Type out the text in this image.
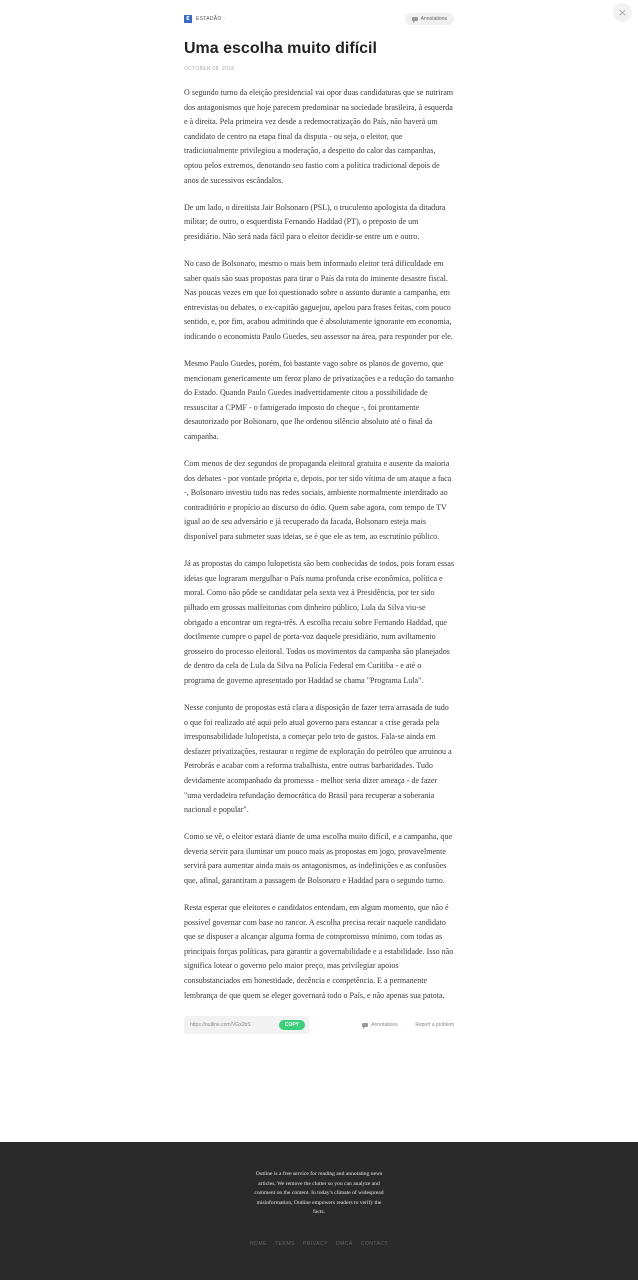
×
E	ESTADÃO ·	Annotations
Uma escolha muito difícil
OCTOBER 08, 2018

O segundo turno da eleição presidencial vai opor duas candidaturas que se nutriram dos antagonismos que hoje parecem predominar na sociedade brasileira, à esquerda e à direita. Pela primeira vez desde a redemocratização do País, não haverá um candidato de centro na etapa final da disputa - ou seja, o eleitor, que tradicionalmente privilegiou a moderação, a despeito do calor das campanhas, optou pelos extremos, denotando seu fastio com a política tradicional depois de anos de sucessivos escândalos.

De um lado, o direitista Jair Bolsonaro (PSL), o truculento apologista da ditadura militar; de outro, o esquerdista Fernando Haddad (PT), o preposto de um presidiário. Não será nada fácil para o eleitor decidir-se entre um e outro.

No caso de Bolsonaro, mesmo o mais bem informado eleitor terá dificuldade em saber quais são suas propostas para tirar o País da rota do iminente desastre fiscal. Nas poucas vezes em que foi questionado sobre o assunto durante a campanha, em entrevistas ou debates, o ex-capitão gaguejou, apelou para frases feitas, com pouco sentido, e, por fim, acabou admitindo que é absolutamente ignorante em economia, indicando o economista Paulo Guedes, seu assessor na área, para responder por ele.

Mesmo Paulo Guedes, porém, foi bastante vago sobre os planos de governo, que mencionam genericamente um feroz plano de privatizações e a redução do tamanho do Estado. Quando Paulo Guedes inadvertidamente citou a possibilidade de ressuscitar a CPMF - o famigerado imposto do cheque -, foi prontamente desautorizado por Bolsonaro, que lhe ordenou silêncio absoluto até o final da campanha.

Com menos de dez segundos de propaganda eleitoral gratuita e ausente da maioria dos debates - por vontade própria e, depois, por ter sido vítima de um ataque a faca -, Bolsonaro investiu tudo nas redes sociais, ambiente normalmente interditado ao contraditório e propício ao discurso do ódio. Quem sabe agora, com tempo de TV igual ao de seu adversário e já recuperado da facada, Bolsonaro esteja mais disponível para submeter suas ideias, se é que ele as tem, ao escrutínio público.

Já as propostas do campo lulopetista são bem conhecidas de todos, pois foram essas ideias que lograram mergulhar o País numa profunda crise econômica, política e moral. Como não pôde se candidatar pela sexta vez à Presidência, por ter sido pilhado em grossas malfeitorias com dinheiro público, Lula da Silva viu-se obrigado a encontrar um regra-três. A escolha recaiu sobre Fernando Haddad, que docilmente cumpre o papel de porta-voz daquele presidiário, num aviltamento grosseiro do processo eleitoral. Todos os movimentos da campanha são planejados de dentro da cela de Lula da Silva na Polícia Federal em Curitiba - e até o programa de governo apresentado por Haddad se chama "Programa Lula".

Nesse conjunto de propostas está clara a disposição de fazer terra arrasada de tudo o que foi realizado até aqui pelo atual governo para estancar a crise gerada pela irresponsabilidade lulopetista, a começar pelo teto de gastos. Fala-se ainda em desfazer privatizações, restaurar o regime de exploração do petróleo que arruinou a Petrobrás e acabar com a reforma trabalhista, entre outras barbaridades. Tudo devidamente acompanhado da promessa - melhor seria dizer ameaça - de fazer "uma verdadeira refundação democrática do Brasil para recuperar a soberania nacional e popular".

Como se vê, o eleitor estará diante de uma escolha muito difícil, e a campanha, que deveria servir para iluminar um pouco mais as propostas em jogo, provavelmente servirá para aumentar ainda mais os antagonismos, as indefinições e as confusões que, afinal, garantiram a passagem de Bolsonaro e Haddad para o segundo turno.

Resta esperar que eleitores e candidatos entendam, em algum momento, que não é possível governar com base no rancor. A escolha precisa recair naquele candidato que se dispuser a alcançar alguma forma de compromisso mínimo, com todas as principais forças políticas, para garantir a governabilidade e a estabilidade. Isso não significa lotear o governo pelo maior preço, mas privilegiar apoios consubstanciados em honestidade, decência e competência. E a permanente lembrança de que quem se eleger governará todo o País, e não apenas sua patota.

https://outline.com/VGx2bS	COPY	Annotations · Report a problem
Outline is a free service for reading and annotating news articles. We remove the clutter so you can analyze and comment on the content. In today's climate of widespread misinformation, Outline empowers readers to verify the facts.
HOME TERMS PRIVACY DMCA CONTACT
